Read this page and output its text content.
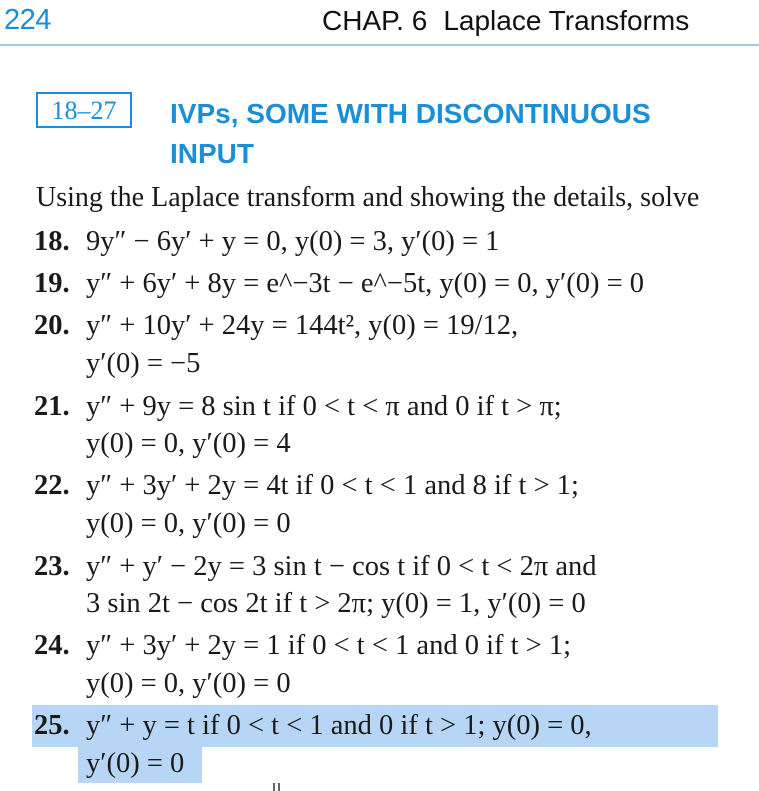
224	CHAP. 6 Laplace Transforms
18–27	IVPs, SOME WITH DISCONTINUOUS
INPUT
Using the Laplace transform and showing the details, solve
18. 9y″ − 6y′ + y = 0, y(0) = 3, y′(0) = 1
19. y″ + 6y′ + 8y = e^−3t − e^−5t, y(0) = 0, y′(0) = 0
20. y″ + 10y′ + 24y = 144t², y(0) = 19/12,
y′(0) = −5
21. y″ + 9y = 8 sin t if 0 < t < π and 0 if t > π;
y(0) = 0, y′(0) = 4
22. y″ + 3y′ + 2y = 4t if 0 < t < 1 and 8 if t > 1;
y(0) = 0, y′(0) = 0
23. y″ + y′ − 2y = 3 sin t − cos t if 0 < t < 2π and
3 sin 2t − cos 2t if t > 2π; y(0) = 1, y′(0) = 0
24. y″ + 3y′ + 2y = 1 if 0 < t < 1 and 0 if t > 1;
y(0) = 0, y′(0) = 0
25. y″ + y = t if 0 < t < 1 and 0 if t > 1; y(0) = 0,
y′(0) = 0
